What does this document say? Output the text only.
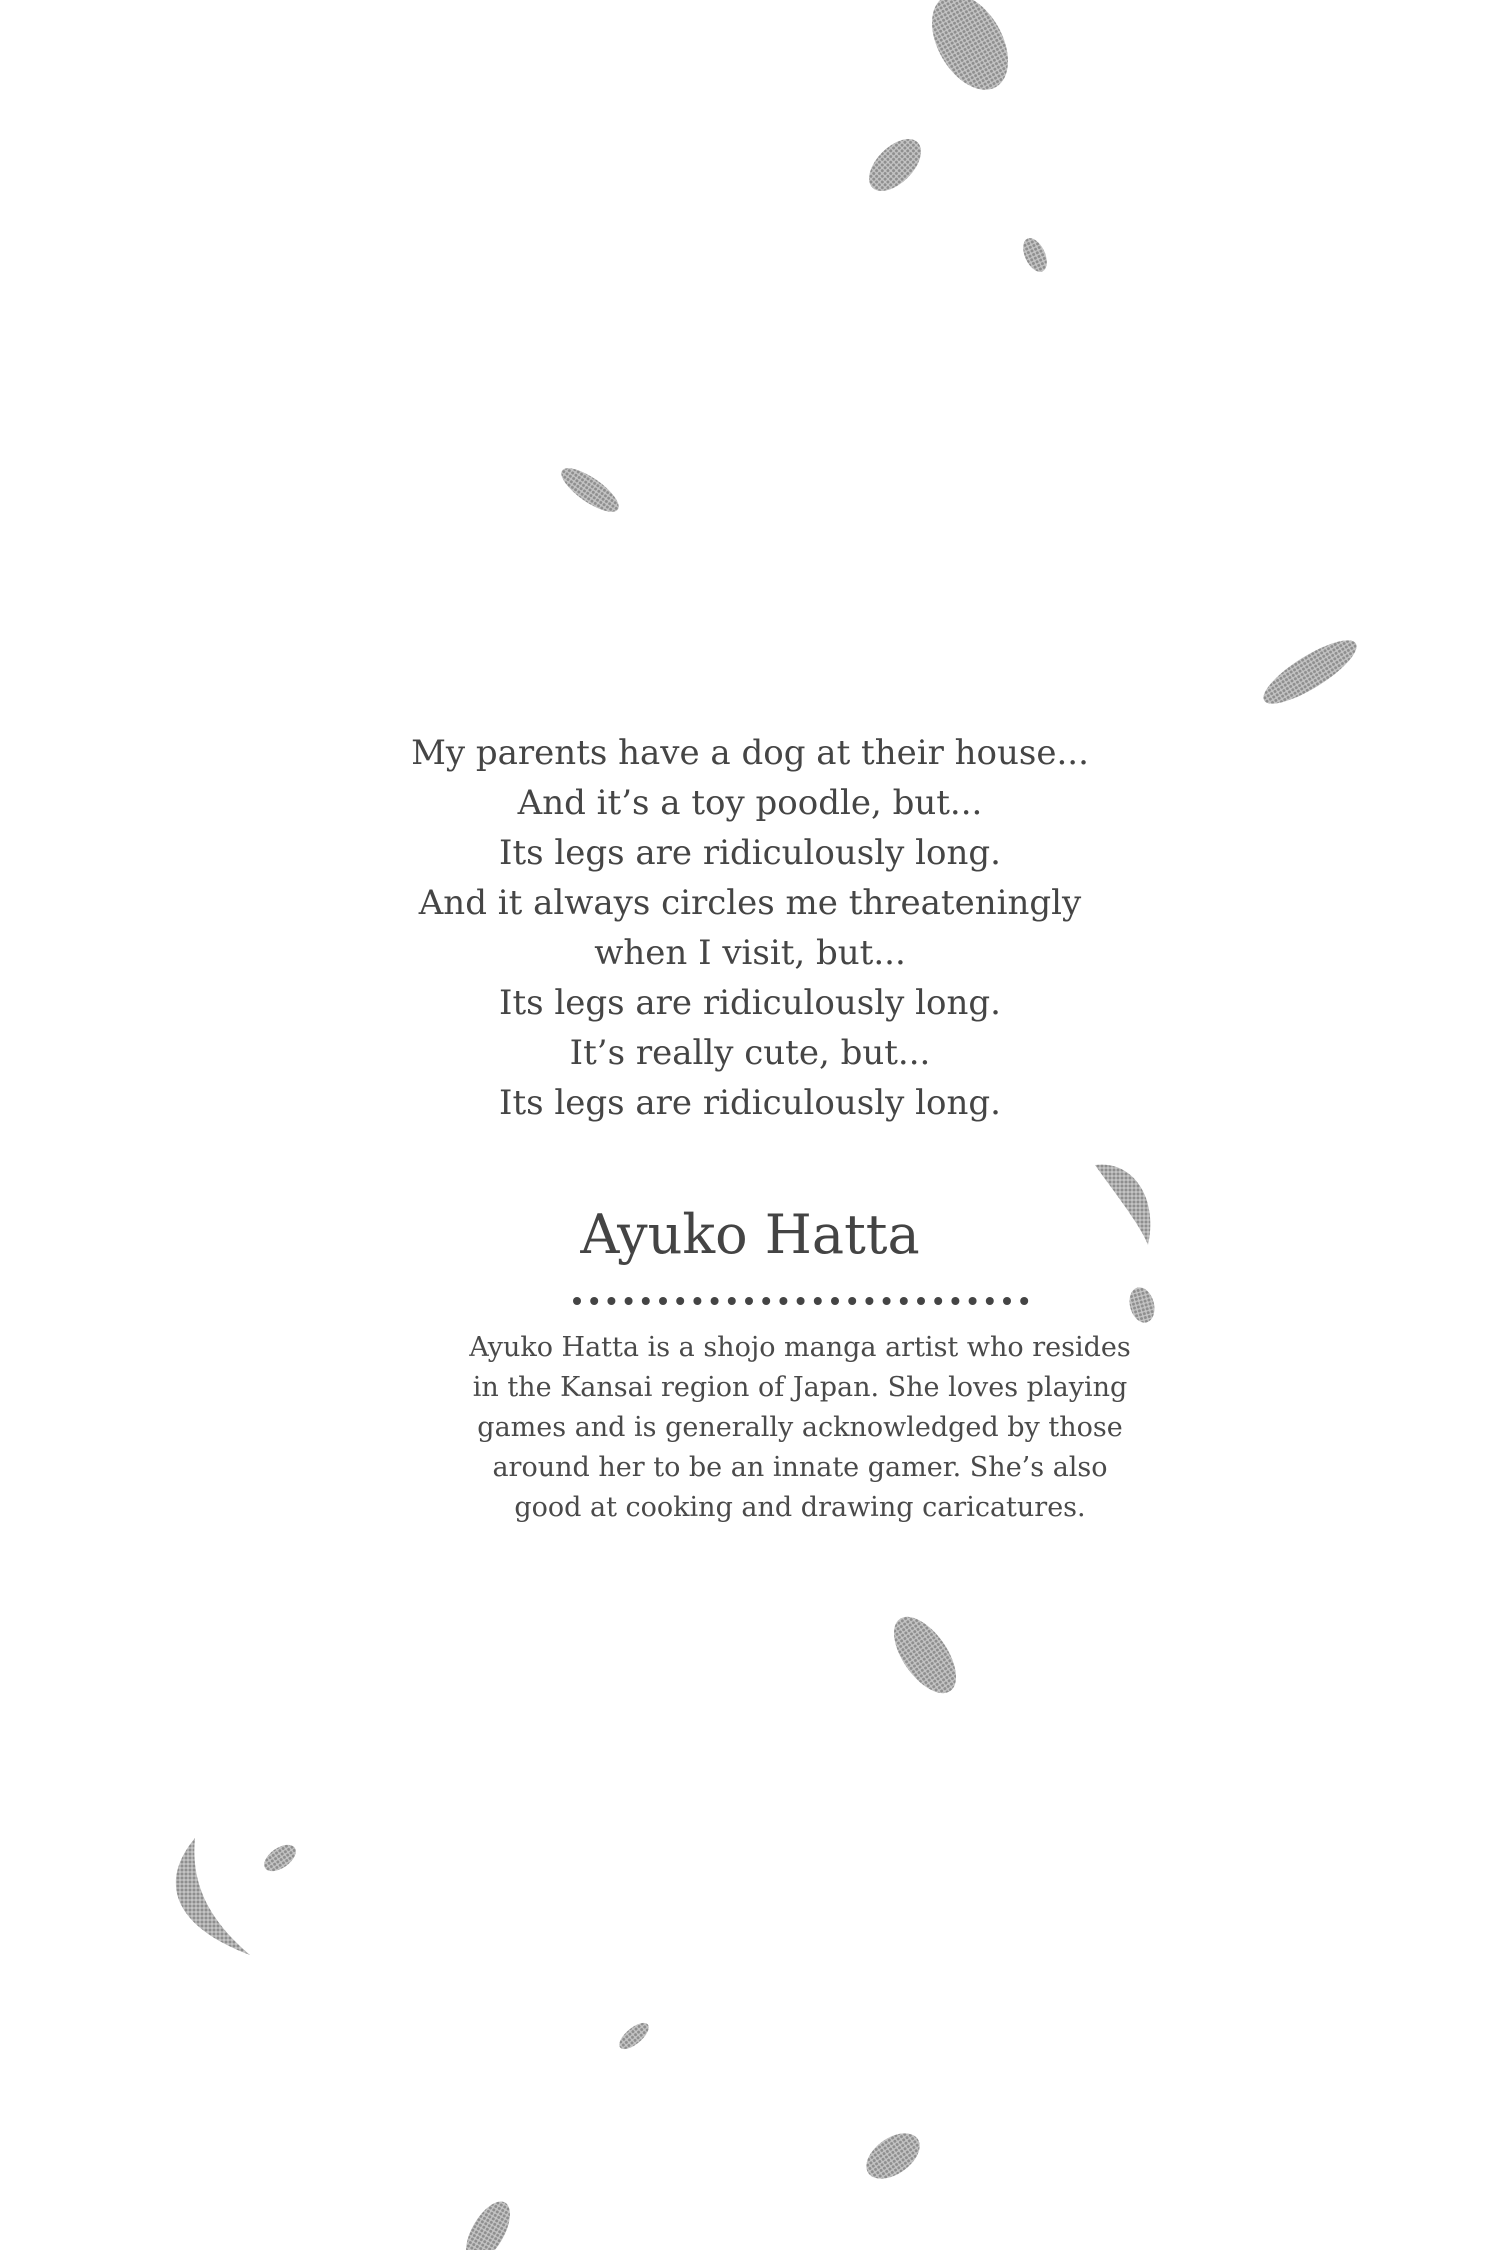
My parents have a dog at their house...
And it’s a toy poodle, but...
Its legs are ridiculously long.
And it always circles me threateningly
when I visit, but...
Its legs are ridiculously long.
It’s really cute, but...
Its legs are ridiculously long.
Ayuko Hatta
Ayuko Hatta is a shojo manga artist who resides
in the Kansai region of Japan. She loves playing
games and is generally acknowledged by those
around her to be an innate gamer. She’s also
good at cooking and drawing caricatures.
